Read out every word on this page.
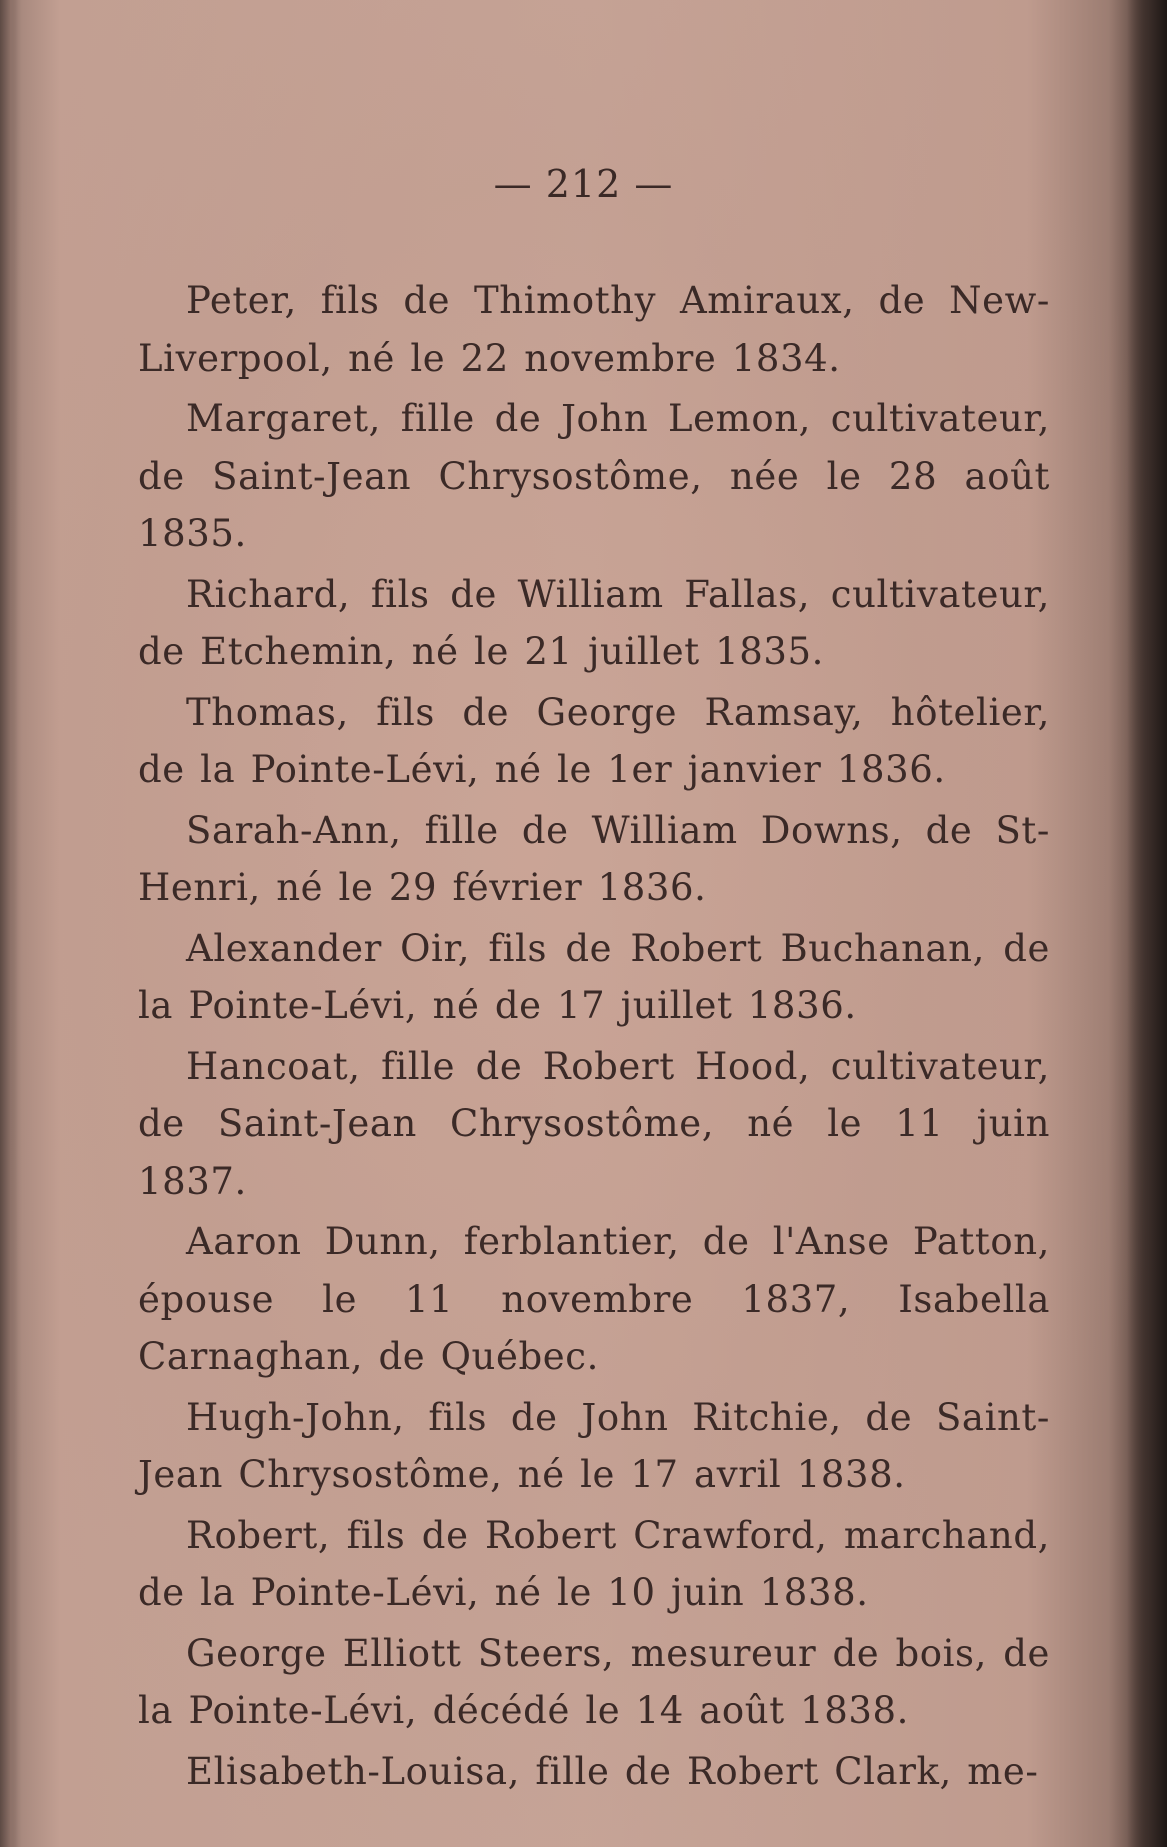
— 212 —

Peter, fils de Thimothy Amiraux, de New-Liverpool, né le 22 novembre 1834.

Margaret, fille de John Lemon, cultivateur, de Saint-Jean Chrysostôme, née le 28 août 1835.

Richard, fils de William Fallas, cultivateur, de Etchemin, né le 21 juillet 1835.

Thomas, fils de George Ramsay, hôtelier, de la Pointe-Lévi, né le 1er janvier 1836.

Sarah-Ann, fille de William Downs, de St-Henri, né le 29 février 1836.

Alexander Oir, fils de Robert Buchanan, de la Pointe-Lévi, né de 17 juillet 1836.

Hancoat, fille de Robert Hood, cultivateur, de Saint-Jean Chrysostôme, né le 11 juin 1837.

Aaron Dunn, ferblantier, de l'Anse Patton, épouse le 11 novembre 1837, Isabella Carnaghan, de Québec.

Hugh-John, fils de John Ritchie, de Saint-Jean Chrysostôme, né le 17 avril 1838.

Robert, fils de Robert Crawford, marchand, de la Pointe-Lévi, né le 10 juin 1838.

George Elliott Steers, mesureur de bois, de la Pointe-Lévi, décédé le 14 août 1838.

Elisabeth-Louisa, fille de Robert Clark, me-
